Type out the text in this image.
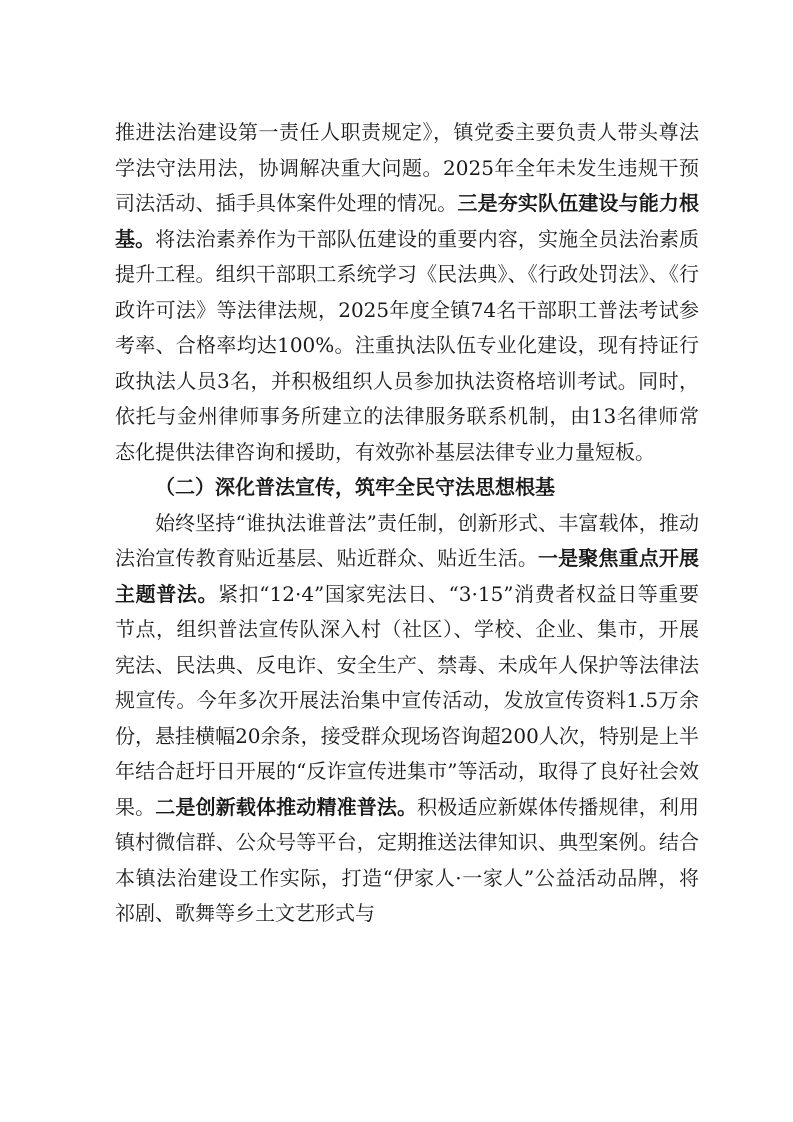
推进法治建设第一责任人职责规定》，镇党委主要负责人带头尊法学法守法用法，协调解决重大问题。2025年全年未发生违规干预司法活动、插手具体案件处理的情况。三是夯实队伍建设与能力根基。将法治素养作为干部队伍建设的重要内容，实施全员法治素质提升工程。组织干部职工系统学习《民法典》、《行政处罚法》、《行政许可法》等法律法规，2025年度全镇74名干部职工普法考试参考率、合格率均达100%。注重执法队伍专业化建设，现有持证行政执法人员3名，并积极组织人员参加执法资格培训考试。同时，依托与金州律师事务所建立的法律服务联系机制，由13名律师常态化提供法律咨询和援助，有效弥补基层法律专业力量短板。

（二）深化普法宣传，筑牢全民守法思想根基

始终坚持“谁执法谁普法”责任制，创新形式、丰富载体，推动法治宣传教育贴近基层、贴近群众、贴近生活。一是聚焦重点开展主题普法。紧扣“12·4”国家宪法日、“3·15”消费者权益日等重要节点，组织普法宣传队深入村（社区）、学校、企业、集市，开展宪法、民法典、反电诈、安全生产、禁毒、未成年人保护等法律法规宣传。今年多次开展法治集中宣传活动，发放宣传资料1.5万余份，悬挂横幅20余条，接受群众现场咨询超200人次，特别是上半年结合赶圩日开展的“反诈宣传进集市”等活动，取得了良好社会效果。二是创新载体推动精准普法。积极适应新媒体传播规律，利用镇村微信群、公众号等平台，定期推送法律知识、典型案例。结合本镇法治建设工作实际，打造“伊家人·一家人”公益活动品牌，将祁剧、歌舞等乡土文艺形式与
